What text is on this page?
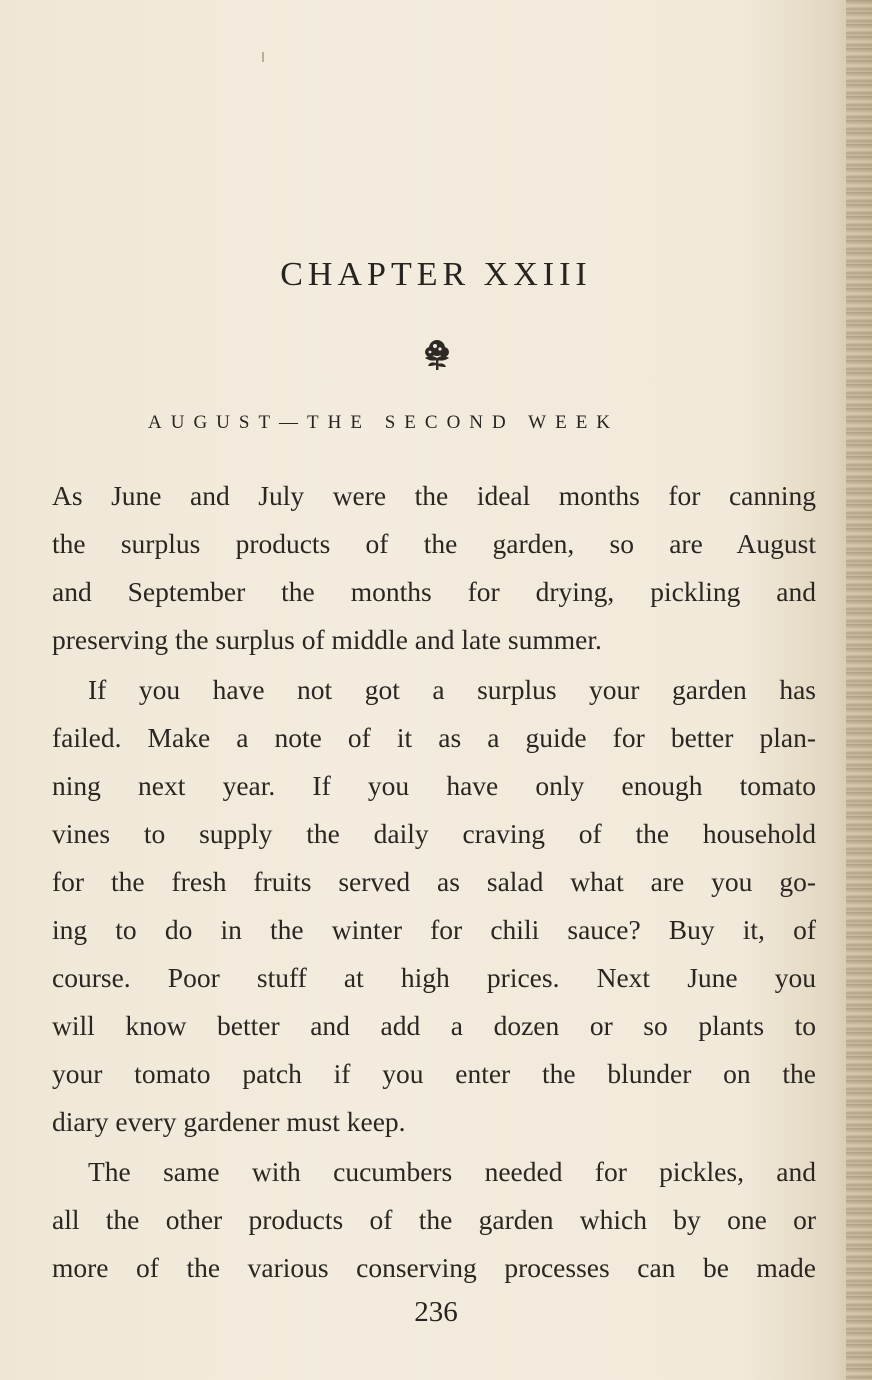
CHAPTER XXIII
AUGUST—THE SECOND WEEK
As June and July were the ideal months for canning
the surplus products of the garden, so are August
and September the months for drying, pickling and
preserving the surplus of middle and late summer.
If you have not got a surplus your garden has
failed. Make a note of it as a guide for better plan-
ning next year. If you have only enough tomato
vines to supply the daily craving of the household
for the fresh fruits served as salad what are you go-
ing to do in the winter for chili sauce? Buy it, of
course. Poor stuff at high prices. Next June you
will know better and add a dozen or so plants to
your tomato patch if you enter the blunder on the
diary every gardener must keep.
The same with cucumbers needed for pickles, and
all the other products of the garden which by one or
more of the various conserving processes can be made
236
